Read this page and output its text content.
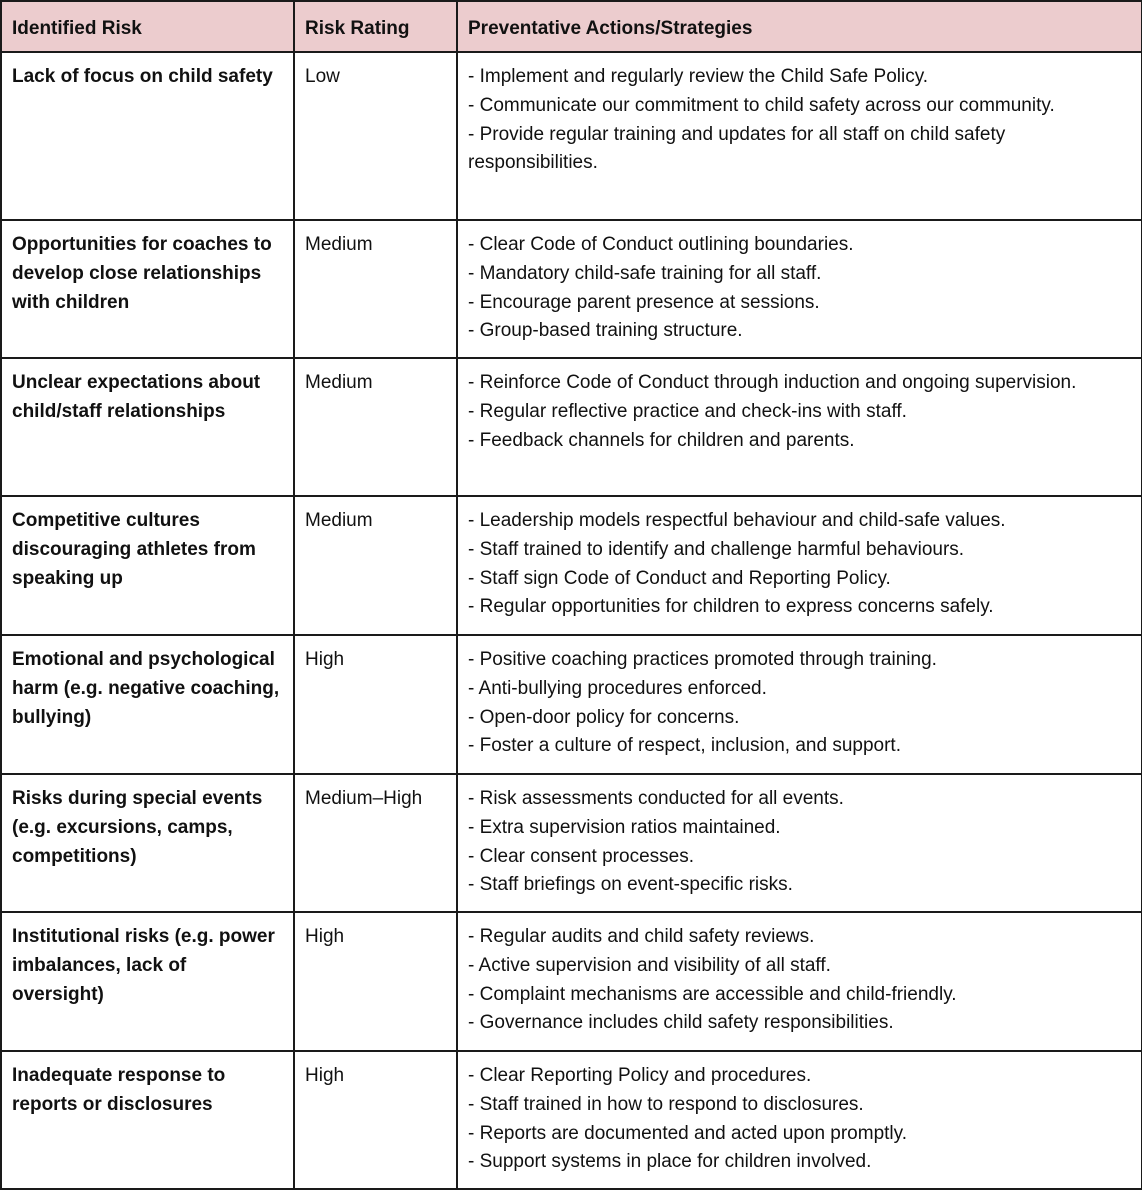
Identified Risk	Risk Rating	Preventative Actions/Strategies
Lack of focus on child safety	Low	- Implement and regularly review the Child Safe Policy.
- Communicate our commitment to child safety across our community.
- Provide regular training and updates for all staff on child safety responsibilities.

Opportunities for coaches to develop close relationships with children	Medium	- Clear Code of Conduct outlining boundaries.
- Mandatory child-safe training for all staff.
- Encourage parent presence at sessions.
- Group-based training structure.

Unclear expectations about child/staff relationships	Medium	- Reinforce Code of Conduct through induction and ongoing supervision.
- Regular reflective practice and check-ins with staff.
- Feedback channels for children and parents.

Competitive cultures discouraging athletes from speaking up	Medium	- Leadership models respectful behaviour and child-safe values.
- Staff trained to identify and challenge harmful behaviours.
- Staff sign Code of Conduct and Reporting Policy.
- Regular opportunities for children to express concerns safely.

Emotional and psychological harm (e.g. negative coaching, bullying)	High	- Positive coaching practices promoted through training.
- Anti-bullying procedures enforced.
- Open-door policy for concerns.
- Foster a culture of respect, inclusion, and support.

Risks during special events (e.g. excursions, camps, competitions)	Medium–High	- Risk assessments conducted for all events.
- Extra supervision ratios maintained.
- Clear consent processes.
- Staff briefings on event-specific risks.

Institutional risks (e.g. power imbalances, lack of oversight)	High	- Regular audits and child safety reviews.
- Active supervision and visibility of all staff.
- Complaint mechanisms are accessible and child-friendly.
- Governance includes child safety responsibilities.

Inadequate response to reports or disclosures	High	- Clear Reporting Policy and procedures.
- Staff trained in how to respond to disclosures.
- Reports are documented and acted upon promptly.
- Support systems in place for children involved.
